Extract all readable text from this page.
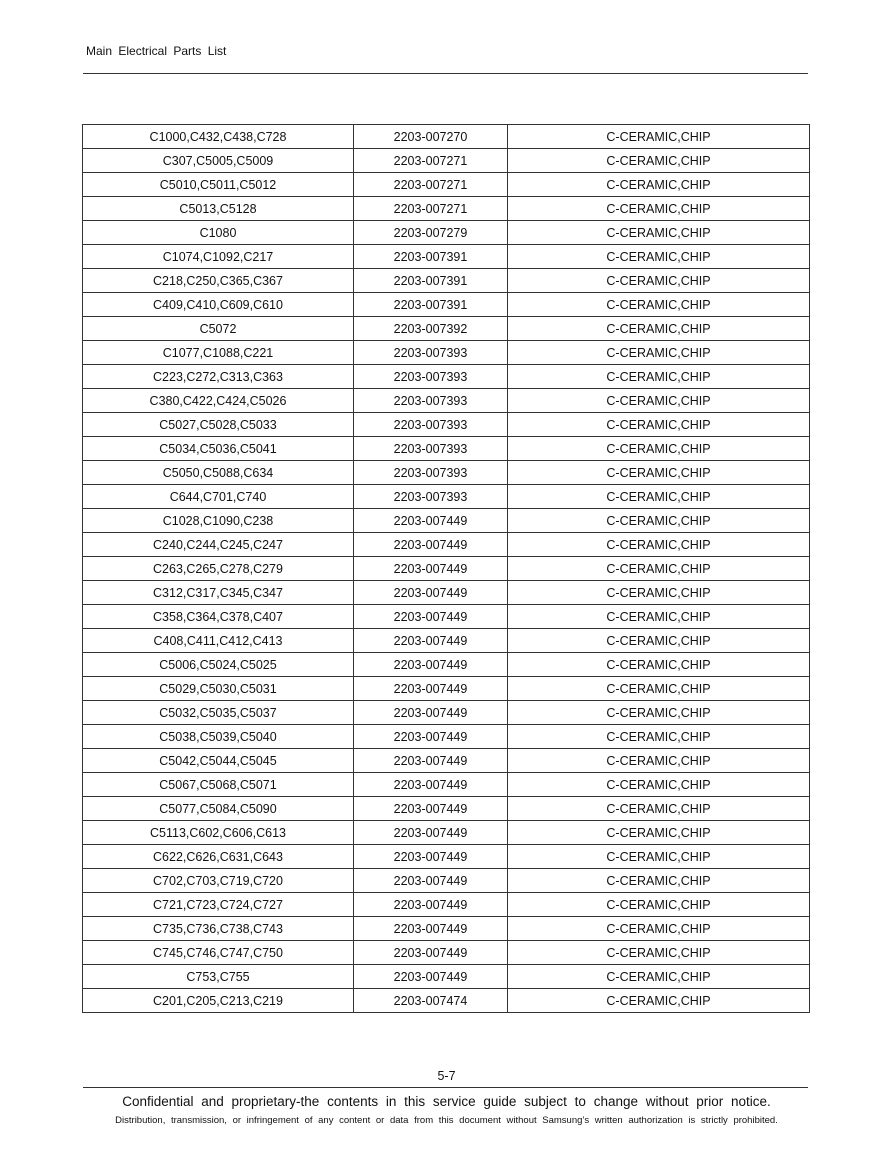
Main Electrical Parts List
C1000,C432,C438,C728	2203-007270	C-CERAMIC,CHIP
C307,C5005,C5009	2203-007271	C-CERAMIC,CHIP
C5010,C5011,C5012	2203-007271	C-CERAMIC,CHIP
C5013,C5128	2203-007271	C-CERAMIC,CHIP
C1080	2203-007279	C-CERAMIC,CHIP
C1074,C1092,C217	2203-007391	C-CERAMIC,CHIP
C218,C250,C365,C367	2203-007391	C-CERAMIC,CHIP
C409,C410,C609,C610	2203-007391	C-CERAMIC,CHIP
C5072	2203-007392	C-CERAMIC,CHIP
C1077,C1088,C221	2203-007393	C-CERAMIC,CHIP
C223,C272,C313,C363	2203-007393	C-CERAMIC,CHIP
C380,C422,C424,C5026	2203-007393	C-CERAMIC,CHIP
C5027,C5028,C5033	2203-007393	C-CERAMIC,CHIP
C5034,C5036,C5041	2203-007393	C-CERAMIC,CHIP
C5050,C5088,C634	2203-007393	C-CERAMIC,CHIP
C644,C701,C740	2203-007393	C-CERAMIC,CHIP
C1028,C1090,C238	2203-007449	C-CERAMIC,CHIP
C240,C244,C245,C247	2203-007449	C-CERAMIC,CHIP
C263,C265,C278,C279	2203-007449	C-CERAMIC,CHIP
C312,C317,C345,C347	2203-007449	C-CERAMIC,CHIP
C358,C364,C378,C407	2203-007449	C-CERAMIC,CHIP
C408,C411,C412,C413	2203-007449	C-CERAMIC,CHIP
C5006,C5024,C5025	2203-007449	C-CERAMIC,CHIP
C5029,C5030,C5031	2203-007449	C-CERAMIC,CHIP
C5032,C5035,C5037	2203-007449	C-CERAMIC,CHIP
C5038,C5039,C5040	2203-007449	C-CERAMIC,CHIP
C5042,C5044,C5045	2203-007449	C-CERAMIC,CHIP
C5067,C5068,C5071	2203-007449	C-CERAMIC,CHIP
C5077,C5084,C5090	2203-007449	C-CERAMIC,CHIP
C5113,C602,C606,C613	2203-007449	C-CERAMIC,CHIP
C622,C626,C631,C643	2203-007449	C-CERAMIC,CHIP
C702,C703,C719,C720	2203-007449	C-CERAMIC,CHIP
C721,C723,C724,C727	2203-007449	C-CERAMIC,CHIP
C735,C736,C738,C743	2203-007449	C-CERAMIC,CHIP
C745,C746,C747,C750	2203-007449	C-CERAMIC,CHIP
C753,C755	2203-007449	C-CERAMIC,CHIP
C201,C205,C213,C219	2203-007474	C-CERAMIC,CHIP
5-7
Confidential and proprietary-the contents in this service guide subject to change without prior notice.
Distribution, transmission, or infringement of any content or data from this document without Samsung’s written authorization is strictly prohibited.
